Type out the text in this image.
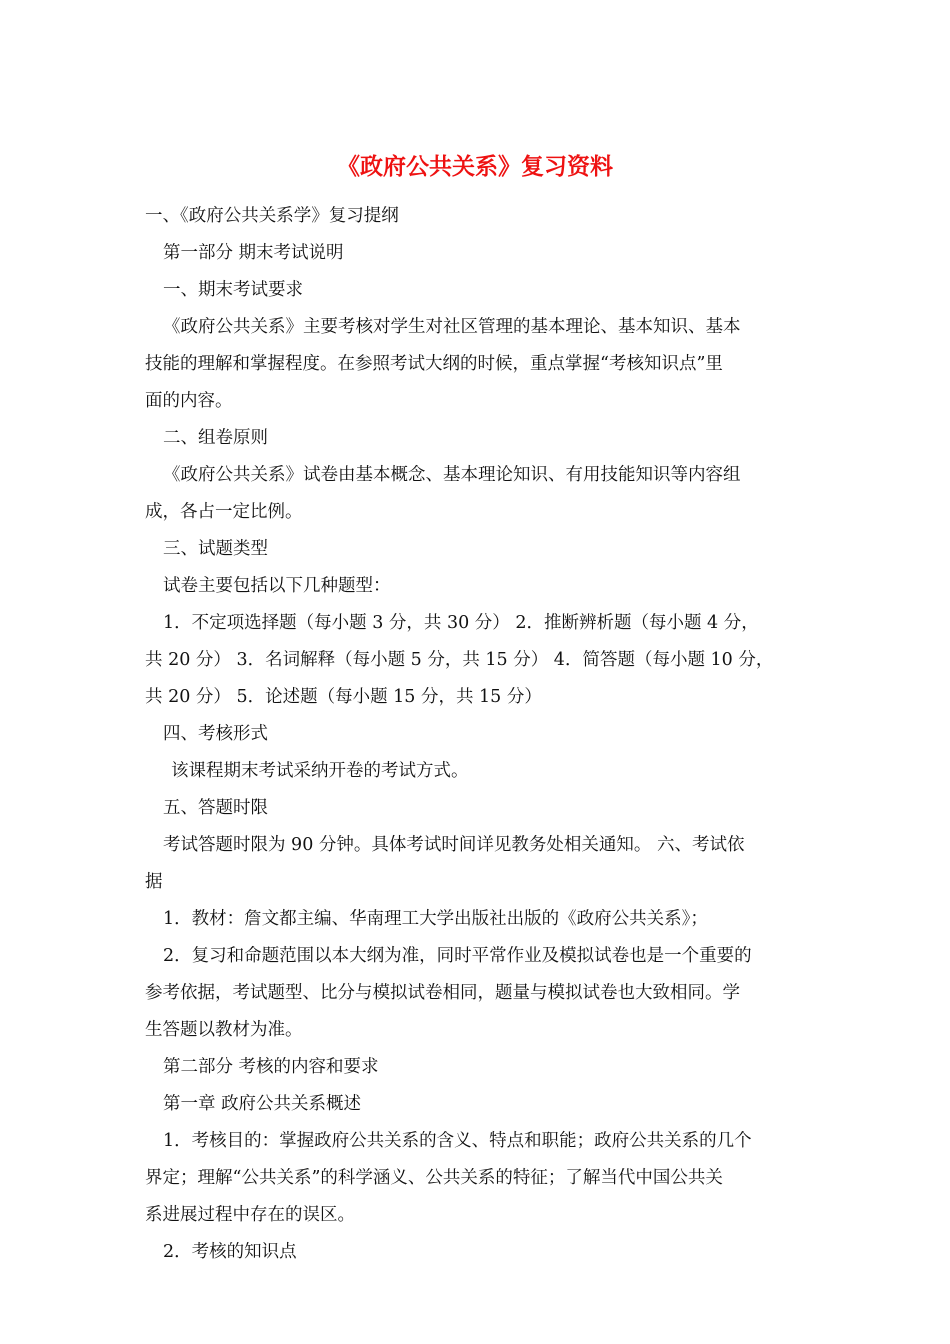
《政府公共关系》复习资料
一、《政府公共关系学》复习提纲
第一部分 期末考试说明
一、期末考试要求
《政府公共关系》主要考核对学生对社区管理的基本理论、基本知识、基本
技能的理解和掌握程度。在参照考试大纲的时候，重点掌握“考核知识点”里
面的内容。
二、组卷原则
《政府公共关系》试卷由基本概念、基本理论知识、有用技能知识等内容组
成，各占一定比例。
三、试题类型
试卷主要包括以下几种题型：
1．不定项选择题（每小题 3 分，共 30 分） 2．推断辨析题（每小题 4 分，
共 20 分） 3．名词解释（每小题 5 分，共 15 分） 4．简答题（每小题 10 分，
共 20 分） 5．论述题（每小题 15 分，共 15 分）
四、考核形式
该课程期末考试采纳开卷的考试方式。
五、答题时限
考试答题时限为 90 分钟。具体考试时间详见教务处相关通知。 六、考试依
据
1．教材：詹文都主编、华南理工大学出版社出版的《政府公共关系》；
2．复习和命题范围以本大纲为准，同时平常作业及模拟试卷也是一个重要的
参考依据，考试题型、比分与模拟试卷相同，题量与模拟试卷也大致相同。学
生答题以教材为准。
第二部分 考核的内容和要求
第一章 政府公共关系概述
1．考核目的：掌握政府公共关系的含义、特点和职能；政府公共关系的几个
界定；理解“公共关系”的科学涵义、公共关系的特征；了解当代中国公共关
系进展过程中存在的误区。
2．考核的知识点
